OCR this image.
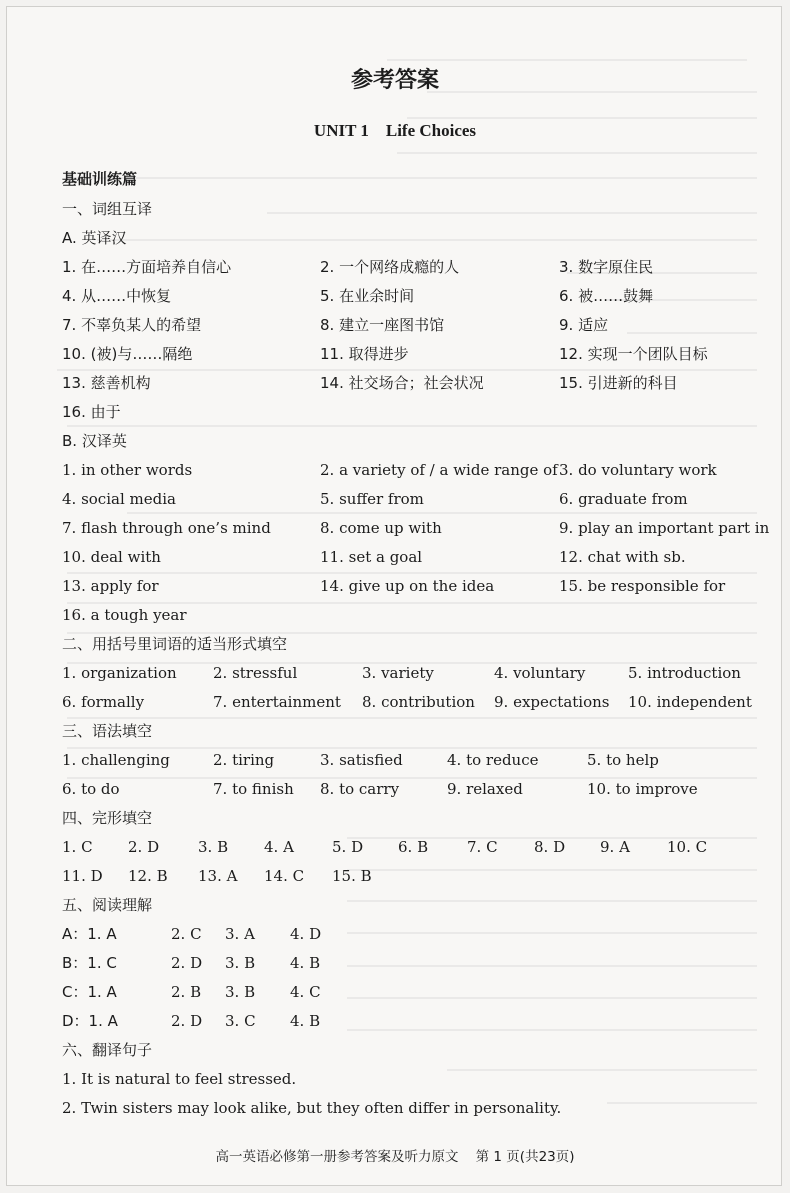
参考答案
UNIT 1    Life Choices
基础训练篇
一、词组互译
A. 英译汉
1. 在……方面培养自信心	2. 一个网络成瘾的人	3. 数字原住民
4. 从……中恢复	5. 在业余时间	6. 被……鼓舞
7. 不辜负某人的希望	8. 建立一座图书馆	9. 适应
10. (被)与……隔绝	11. 取得进步	12. 实现一个团队目标
13. 慈善机构	14. 社交场合；社会状况	15. 引进新的科目
16. 由于
B. 汉译英
1. in other words	2. a variety of / a wide range of 3. do voluntary work
4. social media	5. suffer from	6. graduate from
7. flash through one’s mind	8. come up with	9. play an important part in
10. deal with	11. set a goal	12. chat with sb.
13. apply for	14. give up on the idea	15. be responsible for
16. a tough year
二、用括号里词语的适当形式填空
1. organization 2. stressful	3. variety	4. voluntary	5. introduction
6. formally	7. entertainment 8. contribution 9. expectations 10. independent
三、语法填空
1. challenging	2. tiring	3. satisfied	4. to reduce	5. to help
6. to do	7. to finish 8. to carry	9. relaxed	10. to improve
四、完形填空
1. C 2. D	3. B 4. A	5. D 6. B	7. C 8. D 9. A 10. C
11. D 12. B 13. A 14. C 15. B
五、阅读理解
A：1. A	2. C 3. A 4. D
B：1. C	2. D 3. B 4. B
C：1. A	2. B 3. B 4. C
D：1. A	2. D 3. C 4. B
六、翻译句子
1. It is natural to feel stressed.
2. Twin sisters may look alike, but they often differ in personality.
高一英语必修第一册参考答案及听力原文    第 1 页(共23页)
